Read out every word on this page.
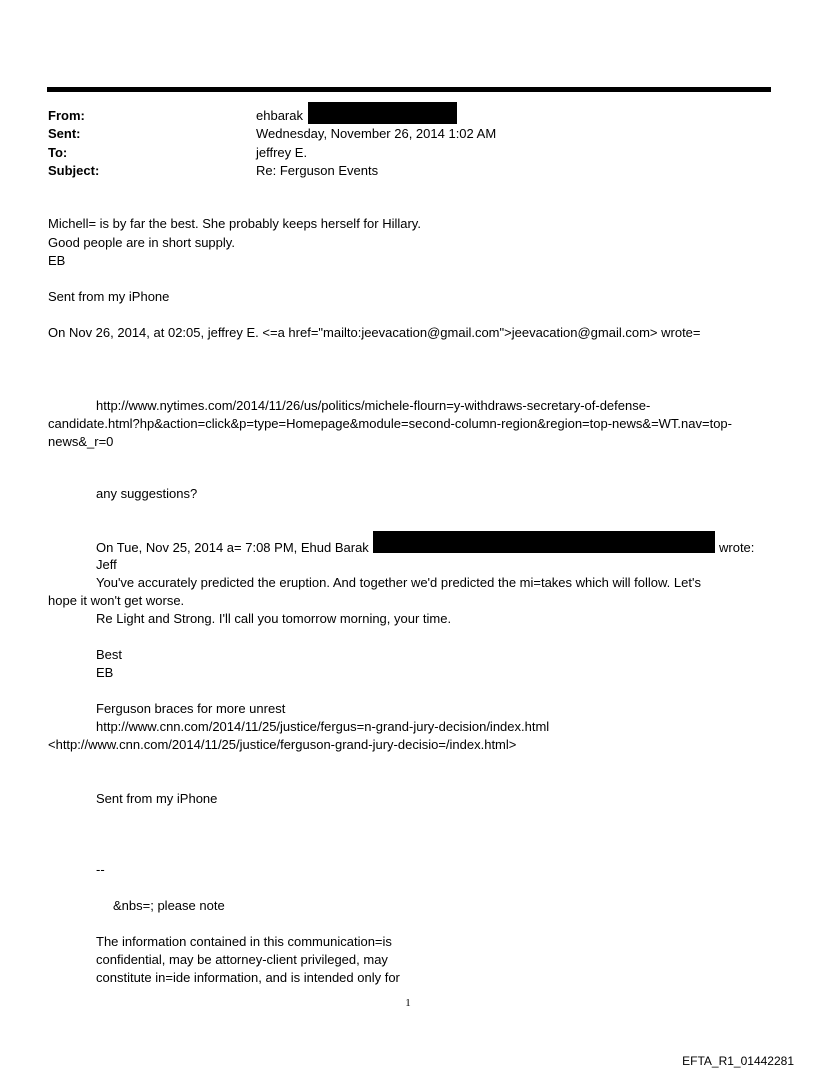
From:	ehbarak
Sent:	Wednesday, November 26, 2014 1:02 AM
To:	jeffrey E.
Subject:	Re: Ferguson Events
Michell= is by far the best. She probably keeps herself for Hillary.
Good people are in short supply.
EB
Sent from my iPhone
On Nov 26, 2014, at 02:05, jeffrey E. <=a href="mailto:jeevacation@gmail.com">jeevacation@gmail.com> wrote=
http://www.nytimes.com/2014/11/26/us/politics/michele-flourn=y-withdraws-secretary-of-defense-
candidate.html?hp&action=click&p=type=Homepage&module=second-column-region&region=top-news&=WT.nav=top-
news&_r=0
any suggestions?
On Tue, Nov 25, 2014 a= 7:08 PM, Ehud Barak	wrote:
Jeff
You've accurately predicted the eruption. And together we'd predicted the mi=takes which will follow. Let's
hope it won't get worse.
Re Light and Strong. I'll call you tomorrow morning, your time.
Best
EB
Ferguson braces for more unrest
http://www.cnn.com/2014/11/25/justice/fergus=n-grand-jury-decision/index.html
<http://www.cnn.com/2014/11/25/justice/ferguson-grand-jury-decisio=/index.html>
Sent from my iPhone
--
&nbs=; please note
The information contained in this communication=is
confidential, may be attorney-client privileged, may
constitute in=ide information, and is intended only for
1
EFTA_R1_01442281
